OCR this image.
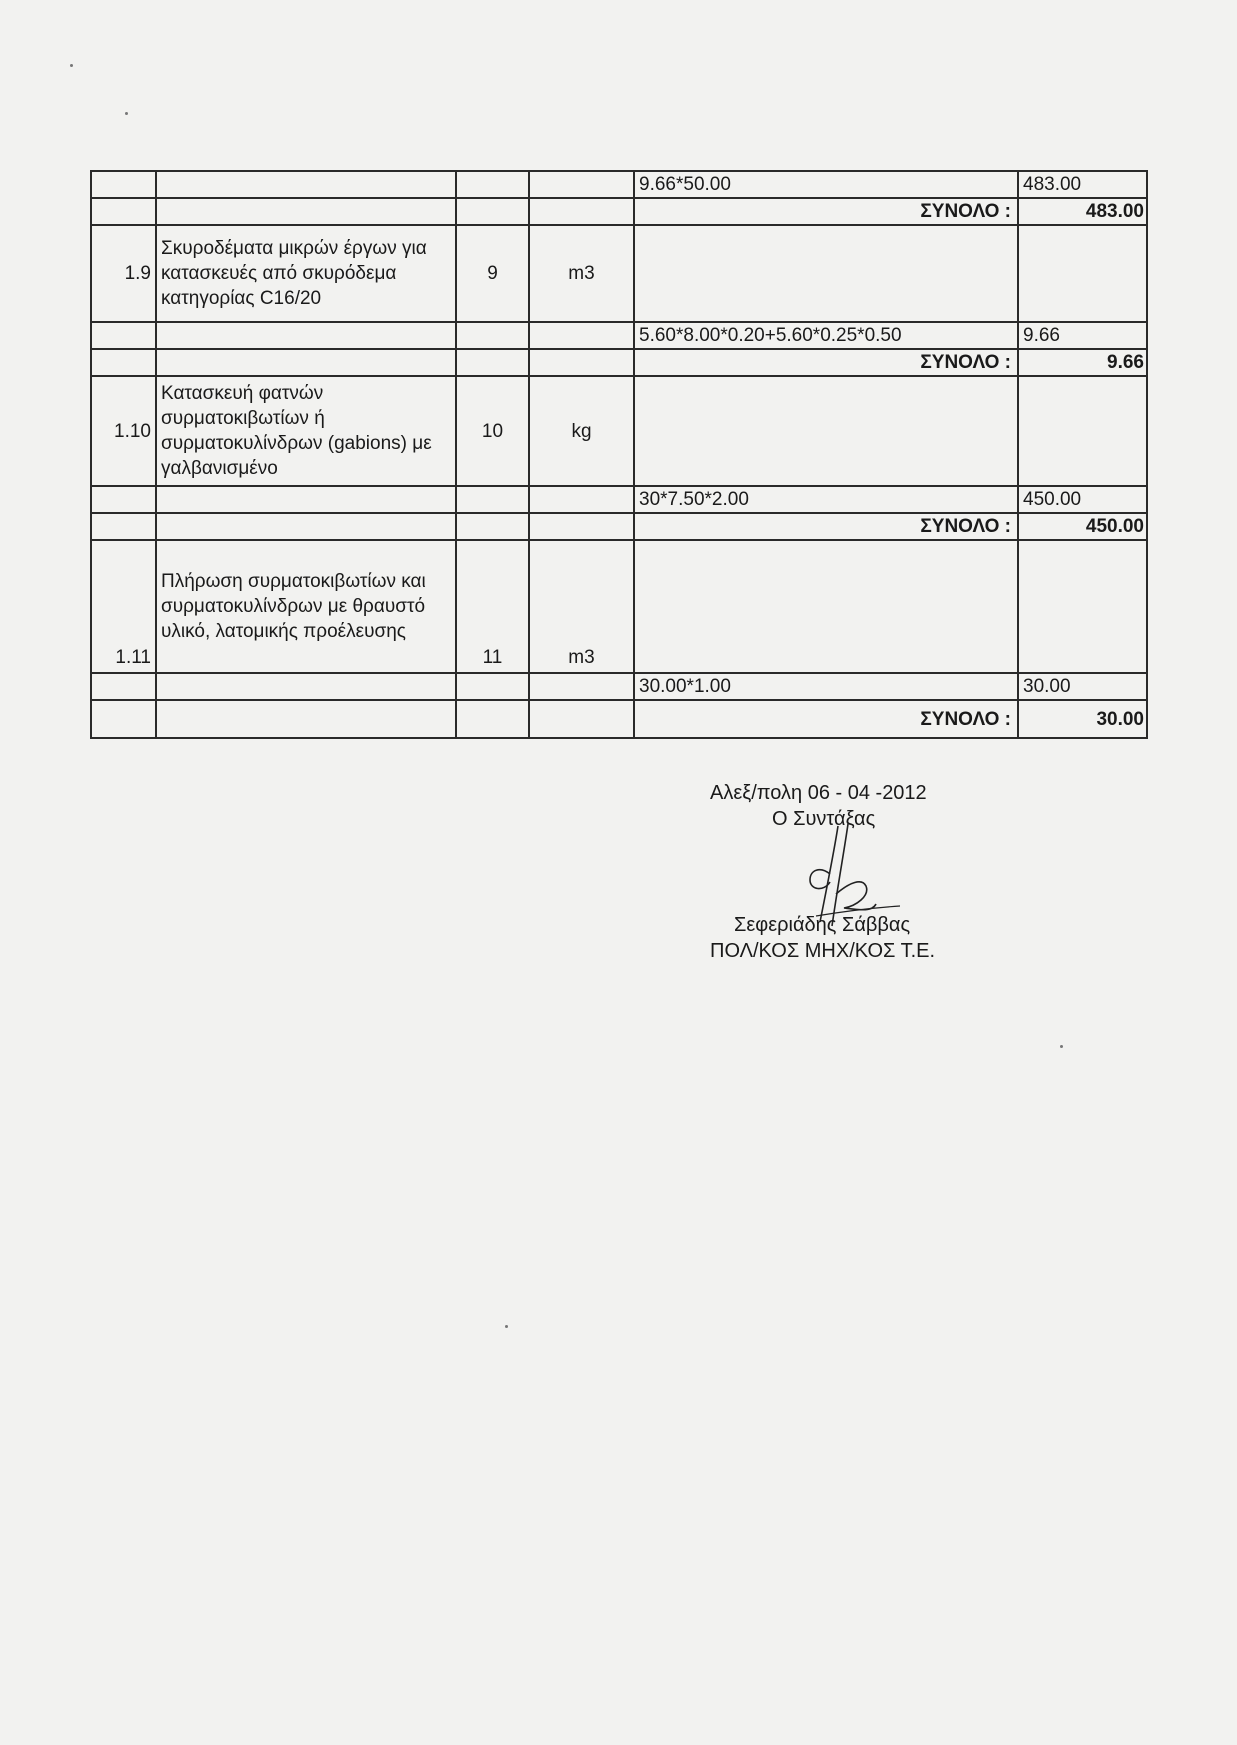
				9.66*50.00	483.00
				ΣΥΝΟΛΟ :	483.00
1.9	Σκυροδέματα μικρών έργων για κατασκευές από σκυρόδεμα κατηγορίας C16/20	9	m3		
				5.60*8.00*0.20+5.60*0.25*0.50	9.66
				ΣΥΝΟΛΟ :	9.66
1.10	Κατασκευή φατνών συρματοκιβωτίων ή συρματοκυλίνδρων (gabions) με γαλβανισμένο	10	kg		
				30*7.50*2.00	450.00
				ΣΥΝΟΛΟ :	450.00
1.11	Πλήρωση συρματοκιβωτίων και συρματοκυλίνδρων με θραυστό υλικό, λατομικής προέλευσης	11	m3		
				30.00*1.00	30.00
				ΣΥΝΟΛΟ :	30.00
Αλεξ/πολη 06 - 04 -2012
Ο Συντάξας
Σεφεριάδης Σάββας
ΠΟΛ/ΚΟΣ ΜΗΧ/ΚΟΣ Τ.Ε.
